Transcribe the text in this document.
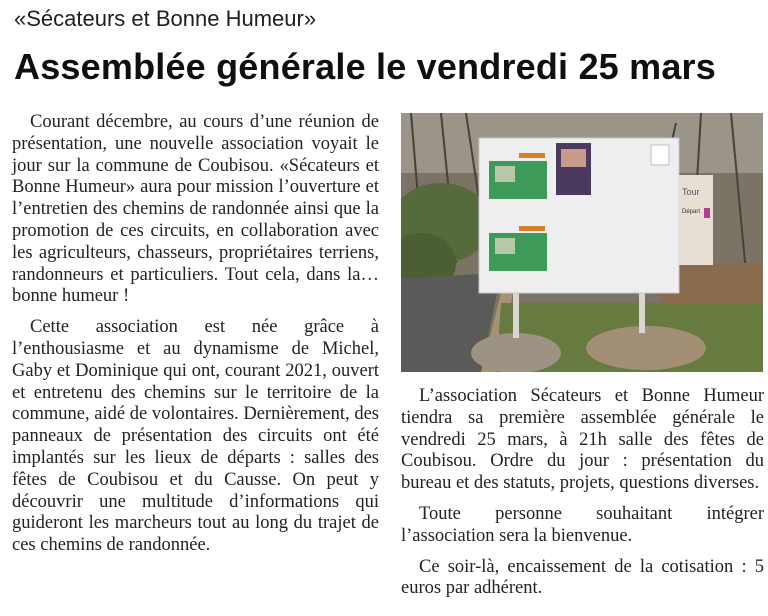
«Sécateurs et Bonne Humeur»
Assemblée générale le vendredi 25 mars

Courant décembre, au cours d’une réunion de présentation, une nouvelle association voyait le jour sur la commune de Coubisou. «Sécateurs et Bonne Humeur» aura pour mission l’ouverture et l’entretien des chemins de randonnée ainsi que la promotion de ces circuits, en collaboration avec les agriculteurs, chasseurs, propriétaires terriens, randonneurs et particuliers. Tout cela, dans la… bonne humeur !

Cette association est née grâce à l’enthousiasme et au dynamisme de Michel, Gaby et Dominique qui ont, courant 2021, ouvert et entretenu des chemins sur le territoire de la commune, aidé de volontaires. Dernièrement, des panneaux de présentation des circuits ont été implantés sur les lieux de départs : salles des fêtes de Coubisou et du Causse. On peut y découvrir une multitude d’informations qui guideront les marcheurs tout au long du trajet de ces chemins de randonnée.

Tour
Départ

L’association Sécateurs et Bonne Humeur tiendra sa première assemblée générale le vendredi 25 mars, à 21h salle des fêtes de Coubisou. Ordre du jour : présentation du bureau et des statuts, projets, questions diverses.

Toute personne souhaitant intégrer l’association sera la bienvenue.

Ce soir-là, encaissement de la cotisation : 5 euros par adhérent.
